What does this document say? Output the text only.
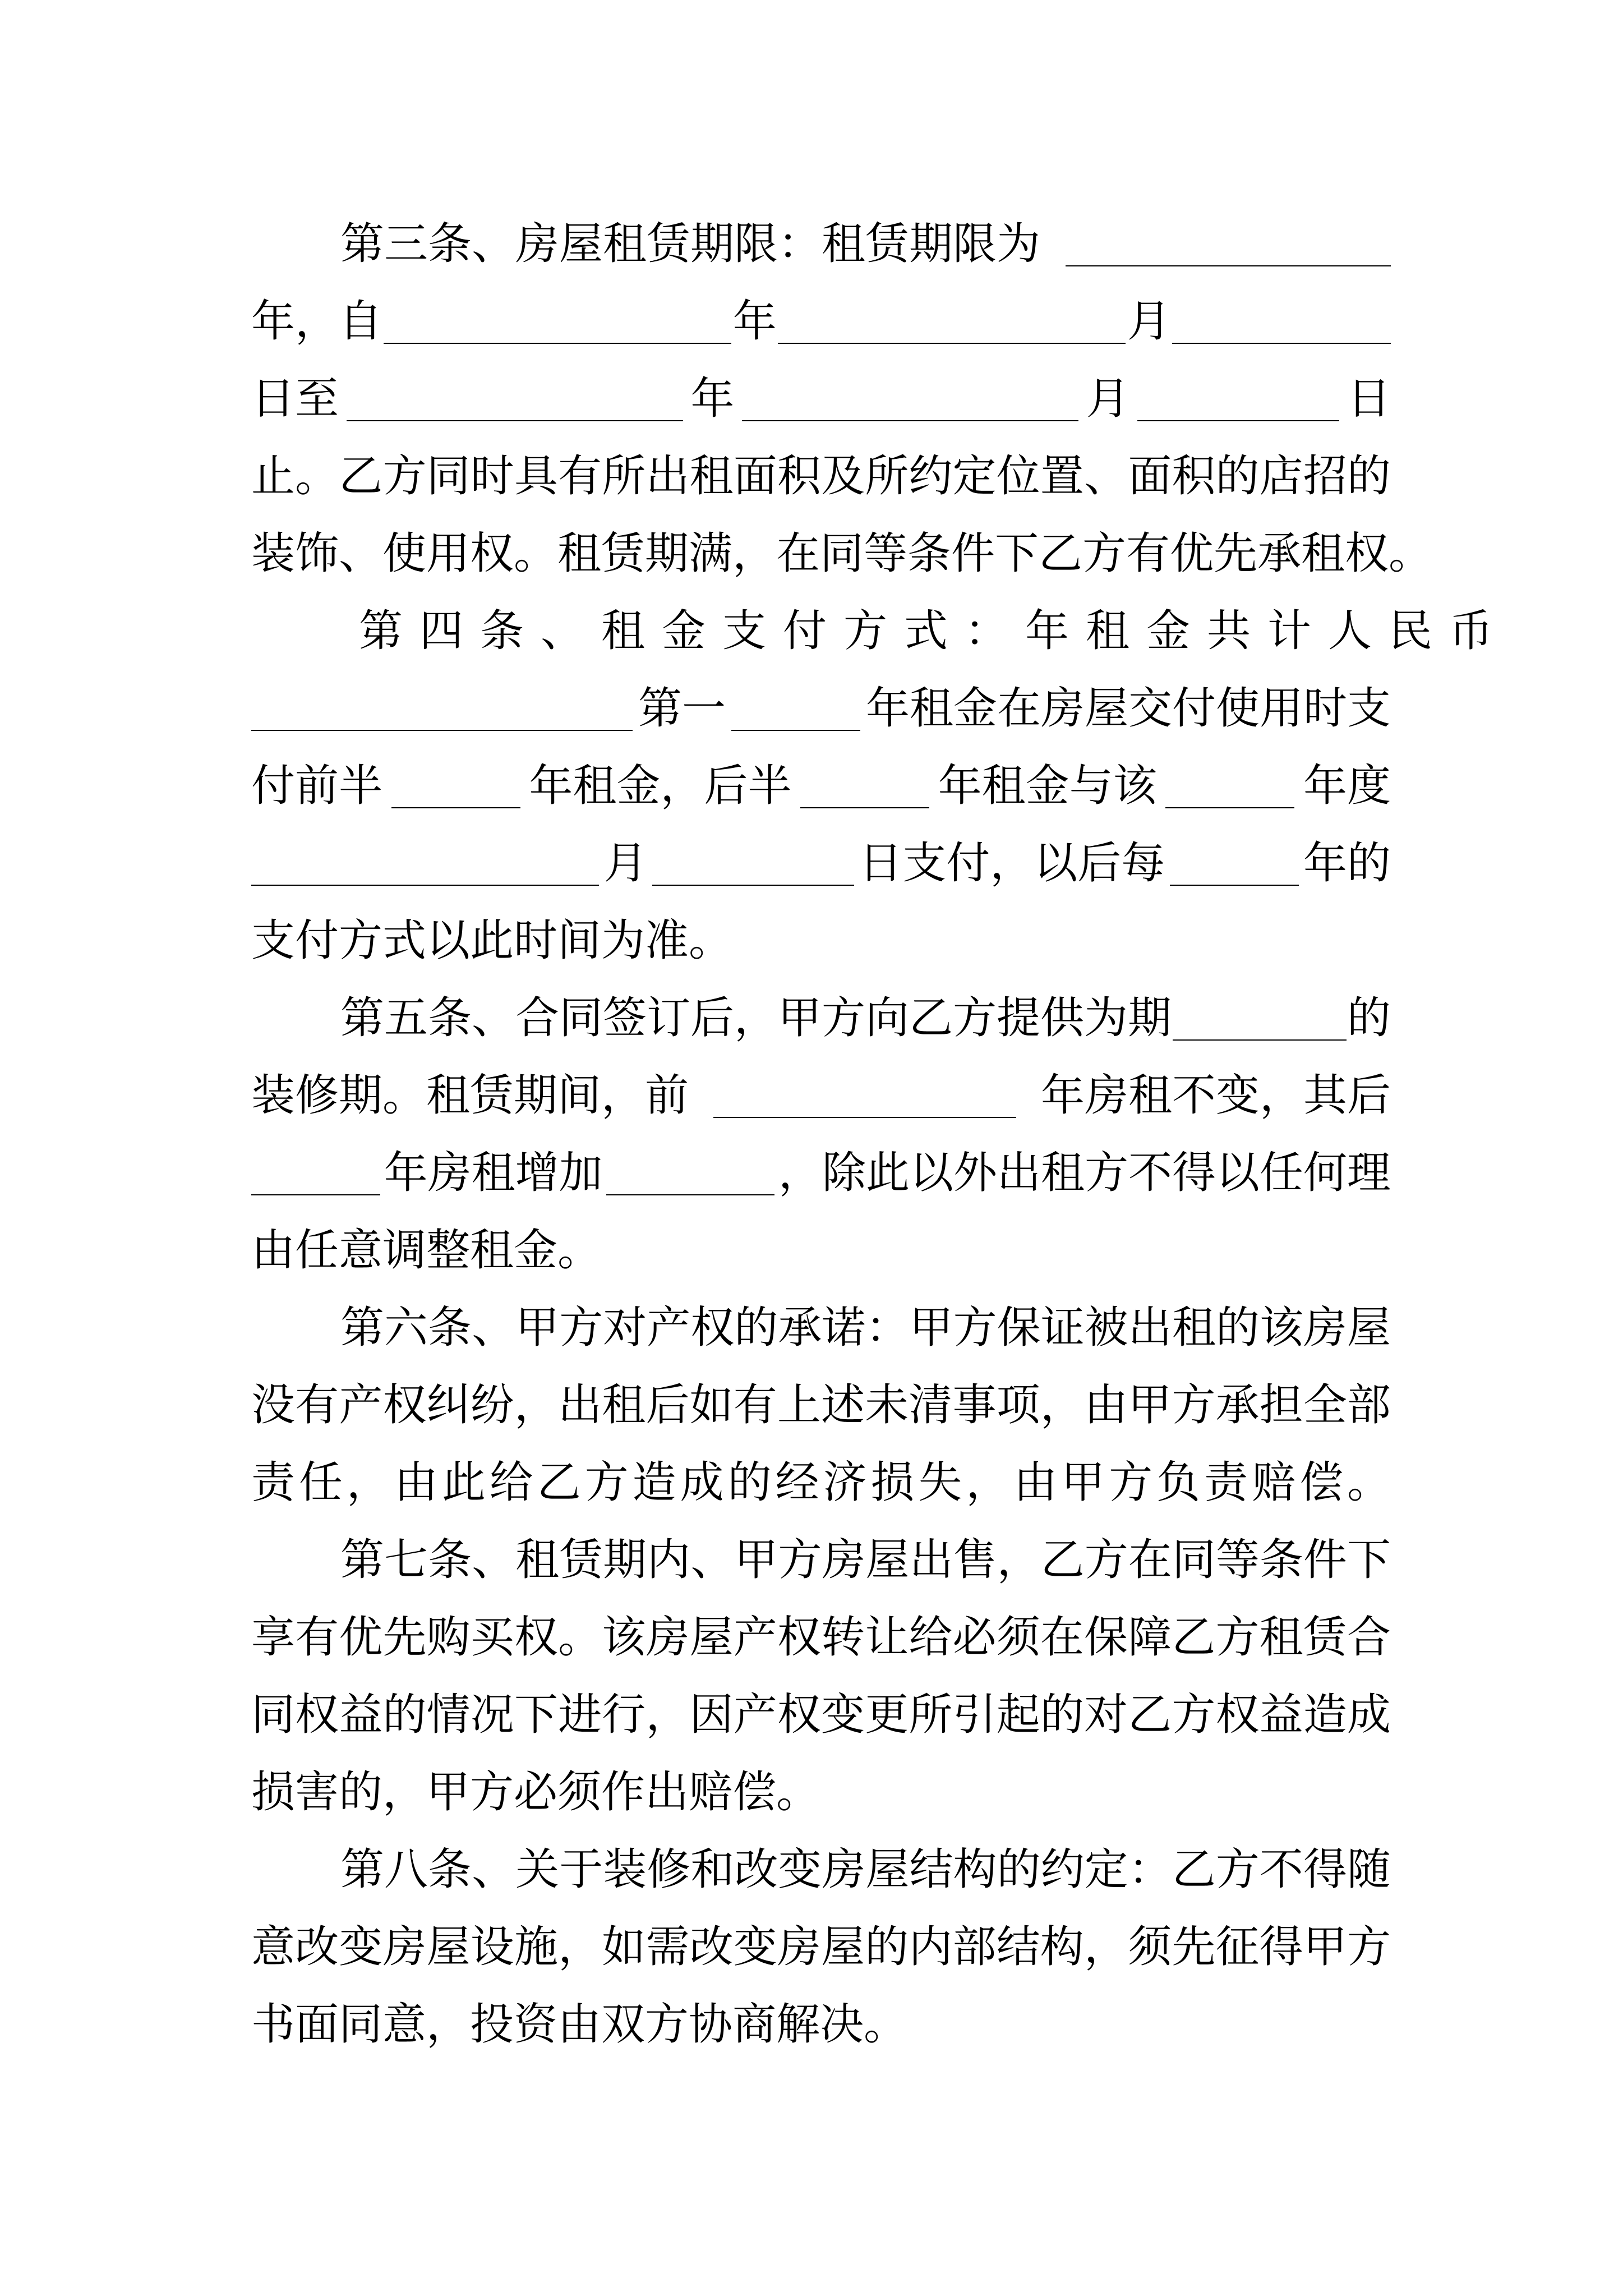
第三条、房屋租赁期限：租赁期限为
年，自	年	月
日至	年	月	日
止。乙方同时具有所出租面积及所约定位置、面积的店招的
装饰、使用权。租赁期满，在同等条件下乙方有优先承租权。
第四条、租金支付方式：年租金共计人民币
第一	年租金在房屋交付使用时支
付前半	年租金，后半	年租金与该	年度
月	日支付，以后每	年的
支付方式以此时间为准。
第五条、合同签订后，甲方向乙方提供为期	的
装修期。租赁期间，前	年房租不变，其后
年房租增加	，除此以外出租方不得以任何理
由任意调整租金。
第六条、甲方对产权的承诺：甲方保证被出租的该房屋
没有产权纠纷，出租后如有上述未清事项，由甲方承担全部
责任，由此给乙方造成的经济损失，由甲方负责赔偿。
第七条、租赁期内、甲方房屋出售，乙方在同等条件下
享有优先购买权。该房屋产权转让给必须在保障乙方租赁合
同权益的情况下进行，因产权变更所引起的对乙方权益造成
损害的，甲方必须作出赔偿。
第八条、关于装修和改变房屋结构的约定：乙方不得随
意改变房屋设施，如需改变房屋的内部结构，须先征得甲方
书面同意，投资由双方协商解决。
